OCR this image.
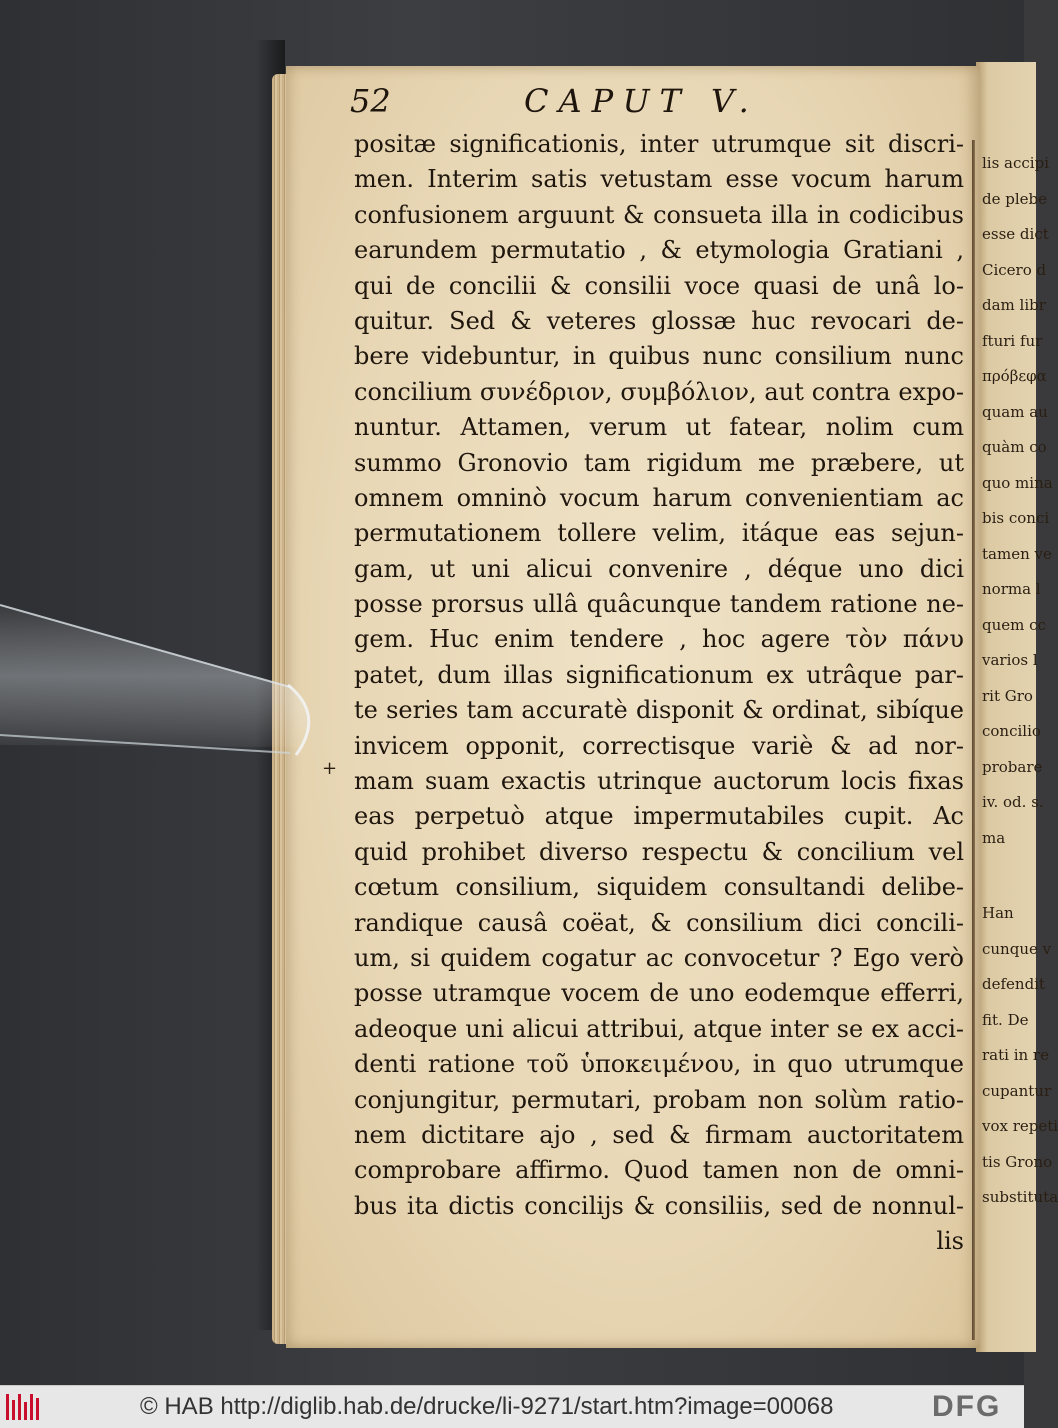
lis accipi
de plebe
esse dict
Cicero d
dam libr
fturi fur
πρόβεφα
quam au
quàm co
quo mina
bis conci
tamen ve
norma l
quem cc
varios l
rit Gro
concilio
probare
iv. od. s.
ma
Han
cunque v
defendit
fit. De
rati in re
cupantur
vox repeti
tis Grono
substituta
52	CAPUT V.
positæ significationis, inter utrumque sit discri-
men. Interim satis vetustam esse vocum harum
confusionem arguunt & consueta illa in codicibus
earundem permutatio , & etymologia Gratiani ,
qui de concilii & consilii voce quasi de unâ lo-
quitur. Sed & veteres glossæ huc revocari de-
bere videbuntur, in quibus nunc consilium nunc
concilium συνέδριον, συμβόλιον, aut contra expo-
nuntur. Attamen, verum ut fatear, nolim cum
summo Gronovio tam rigidum me præbere, ut
omnem omninò vocum harum convenientiam ac
permutationem tollere velim, itáque eas sejun-
gam, ut uni alicui convenire , déque uno dici
posse prorsus ullâ quâcunque tandem ratione ne-
gem. Huc enim tendere , hoc agere τὸν πάνυ
patet, dum illas significationum ex utrâque par-
te series tam accuratè disponit & ordinat, sibíque
invicem opponit, correctisque variè & ad nor-
mam suam exactis utrinque auctorum locis fixas
eas perpetuò atque impermutabiles cupit. Ac
quid prohibet diverso respectu & concilium vel
cœtum consilium, siquidem consultandi delibe-
randique causâ coëat, & consilium dici concili-
um, si quidem cogatur ac convocetur ? Ego verò
posse utramque vocem de uno eodemque efferri,
adeoque uni alicui attribui, atque inter se ex acci-
denti ratione τοῦ ὑποκειμένου, in quo utrumque
conjungitur, permutari, probam non solùm ratio-
nem dictitare ajo , sed & firmam auctoritatem
comprobare affirmo. Quod tamen non de omni-
bus ita dictis concilijs & consiliis, sed de nonnul-
lis
+
© HAB http://diglib.hab.de/drucke/li-9271/start.htm?image=00068	DFG
